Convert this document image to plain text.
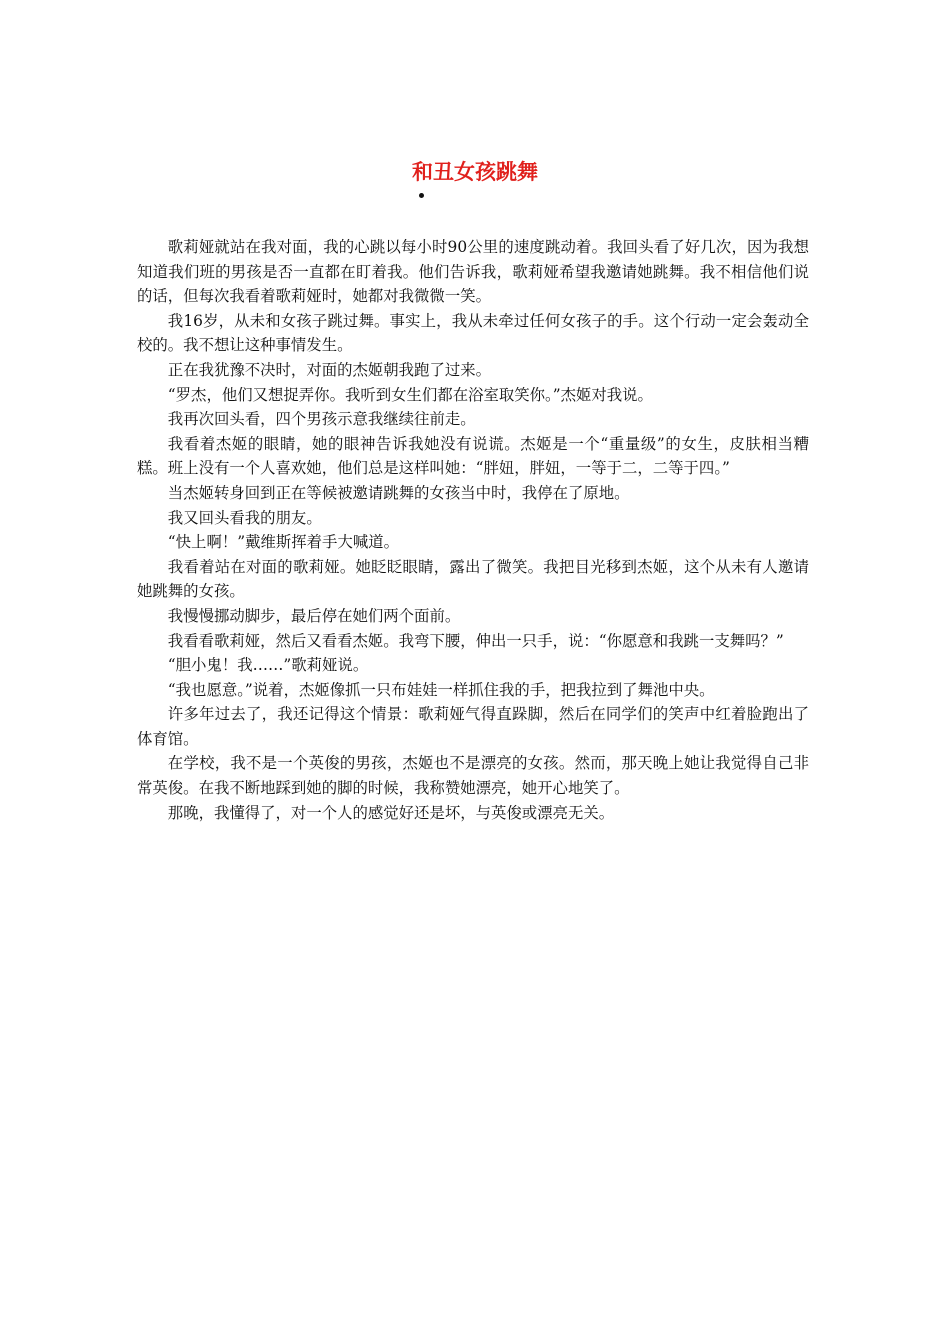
和丑女孩跳舞

歌莉娅就站在我对面，我的心跳以每小时90公里的速度跳动着。我回头看了好几次，因为我想知道我们班的男孩是否一直都在盯着我。他们告诉我，歌莉娅希望我邀请她跳舞。我不相信他们说的话，但每次我看着歌莉娅时，她都对我微微一笑。

我16岁，从未和女孩子跳过舞。事实上，我从未牵过任何女孩子的手。这个行动一定会轰动全校的。我不想让这种事情发生。

正在我犹豫不决时，对面的杰姬朝我跑了过来。

“罗杰，他们又想捉弄你。我听到女生们都在浴室取笑你。”杰姬对我说。

我再次回头看，四个男孩示意我继续往前走。

我看着杰姬的眼睛，她的眼神告诉我她没有说谎。杰姬是一个“重量级”的女生，皮肤相当糟糕。班上没有一个人喜欢她，他们总是这样叫她：“胖妞，胖妞，一等于二，二等于四。”

当杰姬转身回到正在等候被邀请跳舞的女孩当中时，我停在了原地。

我又回头看我的朋友。

“快上啊！”戴维斯挥着手大喊道。

我看着站在对面的歌莉娅。她眨眨眼睛，露出了微笑。我把目光移到杰姬，这个从未有人邀请她跳舞的女孩。

我慢慢挪动脚步，最后停在她们两个面前。

我看看歌莉娅，然后又看看杰姬。我弯下腰，伸出一只手，说：“你愿意和我跳一支舞吗？”

“胆小鬼！我……”歌莉娅说。

“我也愿意。”说着，杰姬像抓一只布娃娃一样抓住我的手，把我拉到了舞池中央。

许多年过去了，我还记得这个情景：歌莉娅气得直跺脚，然后在同学们的笑声中红着脸跑出了体育馆。

在学校，我不是一个英俊的男孩，杰姬也不是漂亮的女孩。然而，那天晚上她让我觉得自己非常英俊。在我不断地踩到她的脚的时候，我称赞她漂亮，她开心地笑了。

那晚，我懂得了，对一个人的感觉好还是坏，与英俊或漂亮无关。
